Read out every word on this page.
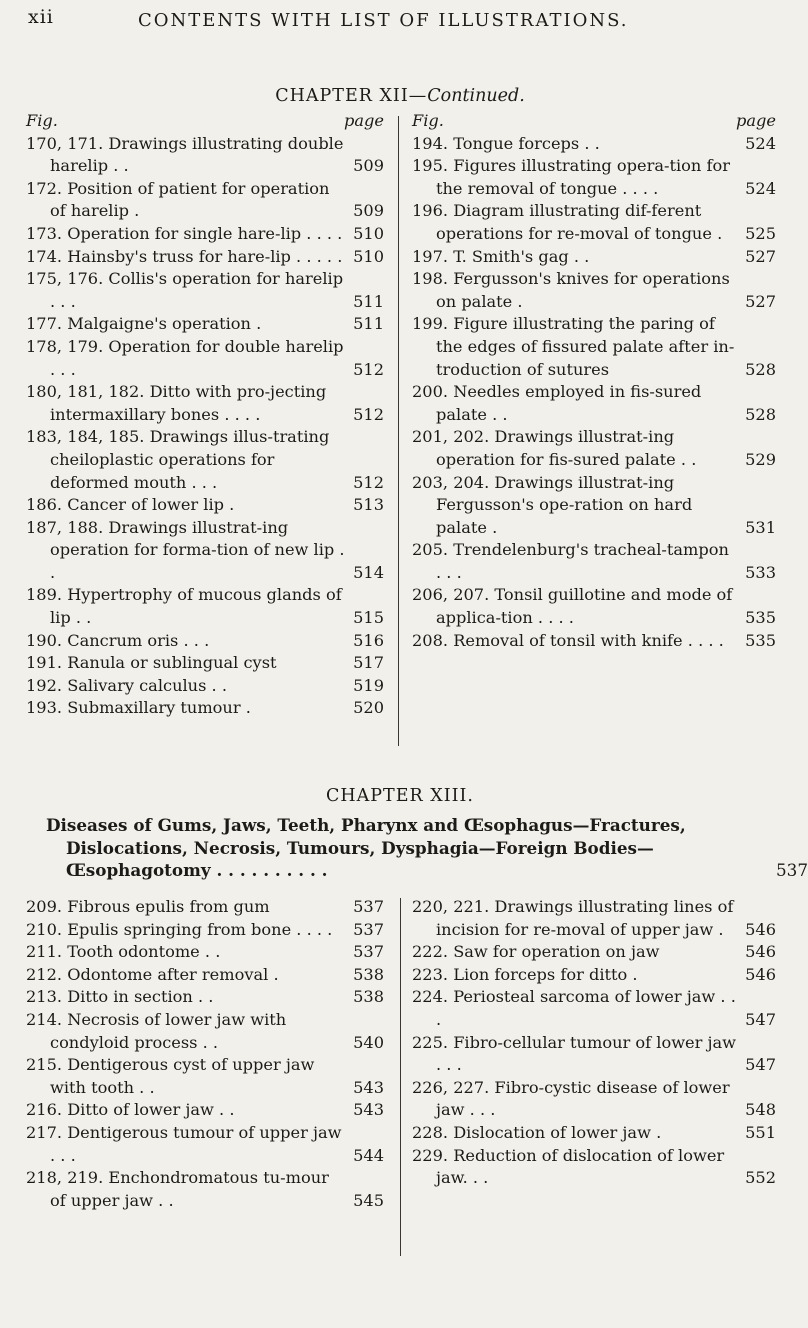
xii	CONTENTS WITH LIST OF ILLUSTRATIONS.
CHAPTER XII—Continued.
Fig.	page
170, 171. Drawings illustrating double harelip . .	509
172. Position of patient for operation of harelip .	509
173. Operation for single hare-lip . . . . 510
174. Hainsby's truss for hare-lip . . . . . 510
175, 176. Collis's operation for harelip . . .	511
177. Malgaigne's operation .	511
178, 179. Operation for double harelip . . .	512
180, 181, 182. Ditto with pro-jecting intermaxillary bones . . . .	512
183, 184, 185. Drawings illus-trating cheiloplastic operations for deformed mouth . . .	512
186. Cancer of lower lip .	513
187, 188. Drawings illustrat-ing operation for forma-tion of new lip . .	514
189. Hypertrophy of mucous glands of lip . .	515
190. Cancrum oris . . .	516
191. Ranula or sublingual cyst	517
192. Salivary calculus . .	519
193. Submaxillary tumour .	520
Fig.	page
194. Tongue forceps . .	524
195. Figures illustrating opera-tion for the removal of tongue . . . .	524
196. Diagram illustrating dif-ferent operations for re-moval of tongue .	525
197. T. Smith's gag . .	527
198. Fergusson's knives for operations on palate .	527
199. Figure illustrating the paring of the edges of fissured palate after in-troduction of sutures	528
200. Needles employed in fis-sured palate . .	528
201, 202. Drawings illustrat-ing operation for fis-sured palate . .	529
203, 204. Drawings illustrat-ing Fergusson's ope-ration on hard palate .	531
205. Trendelenburg's tracheal-tampon . . .	533
206, 207. Tonsil guillotine and mode of applica-tion . . . .	535
208. Removal of tonsil with knife . . . .	535
CHAPTER XIII.
Diseases of Gums, Jaws, Teeth, Pharynx and Œsophagus—Fractures, Dislocations, Necrosis, Tumours, Dysphagia—Foreign Bodies—Œsophagotomy . . . . . . . . . .	537
209. Fibrous epulis from gum	537
210. Epulis springing from bone . . . .	537
211. Tooth odontome . .	537
212. Odontome after removal .	538
213. Ditto in section . .	538
214. Necrosis of lower jaw with condyloid process . .	540
215. Dentigerous cyst of upper jaw with tooth . .	543
216. Ditto of lower jaw . .	543
217. Dentigerous tumour of upper jaw . . .	544
218, 219. Enchondromatous tu-mour of upper jaw . .	545
220, 221. Drawings illustrating lines of incision for re-moval of upper jaw .	546
222. Saw for operation on jaw	546
223. Lion forceps for ditto .	546
224. Periosteal sarcoma of lower jaw . . .	547
225. Fibro-cellular tumour of lower jaw . . .	547
226, 227. Fibro-cystic disease of lower jaw . . .	548
228. Dislocation of lower jaw .	551
229. Reduction of dislocation of lower jaw. . .	552
